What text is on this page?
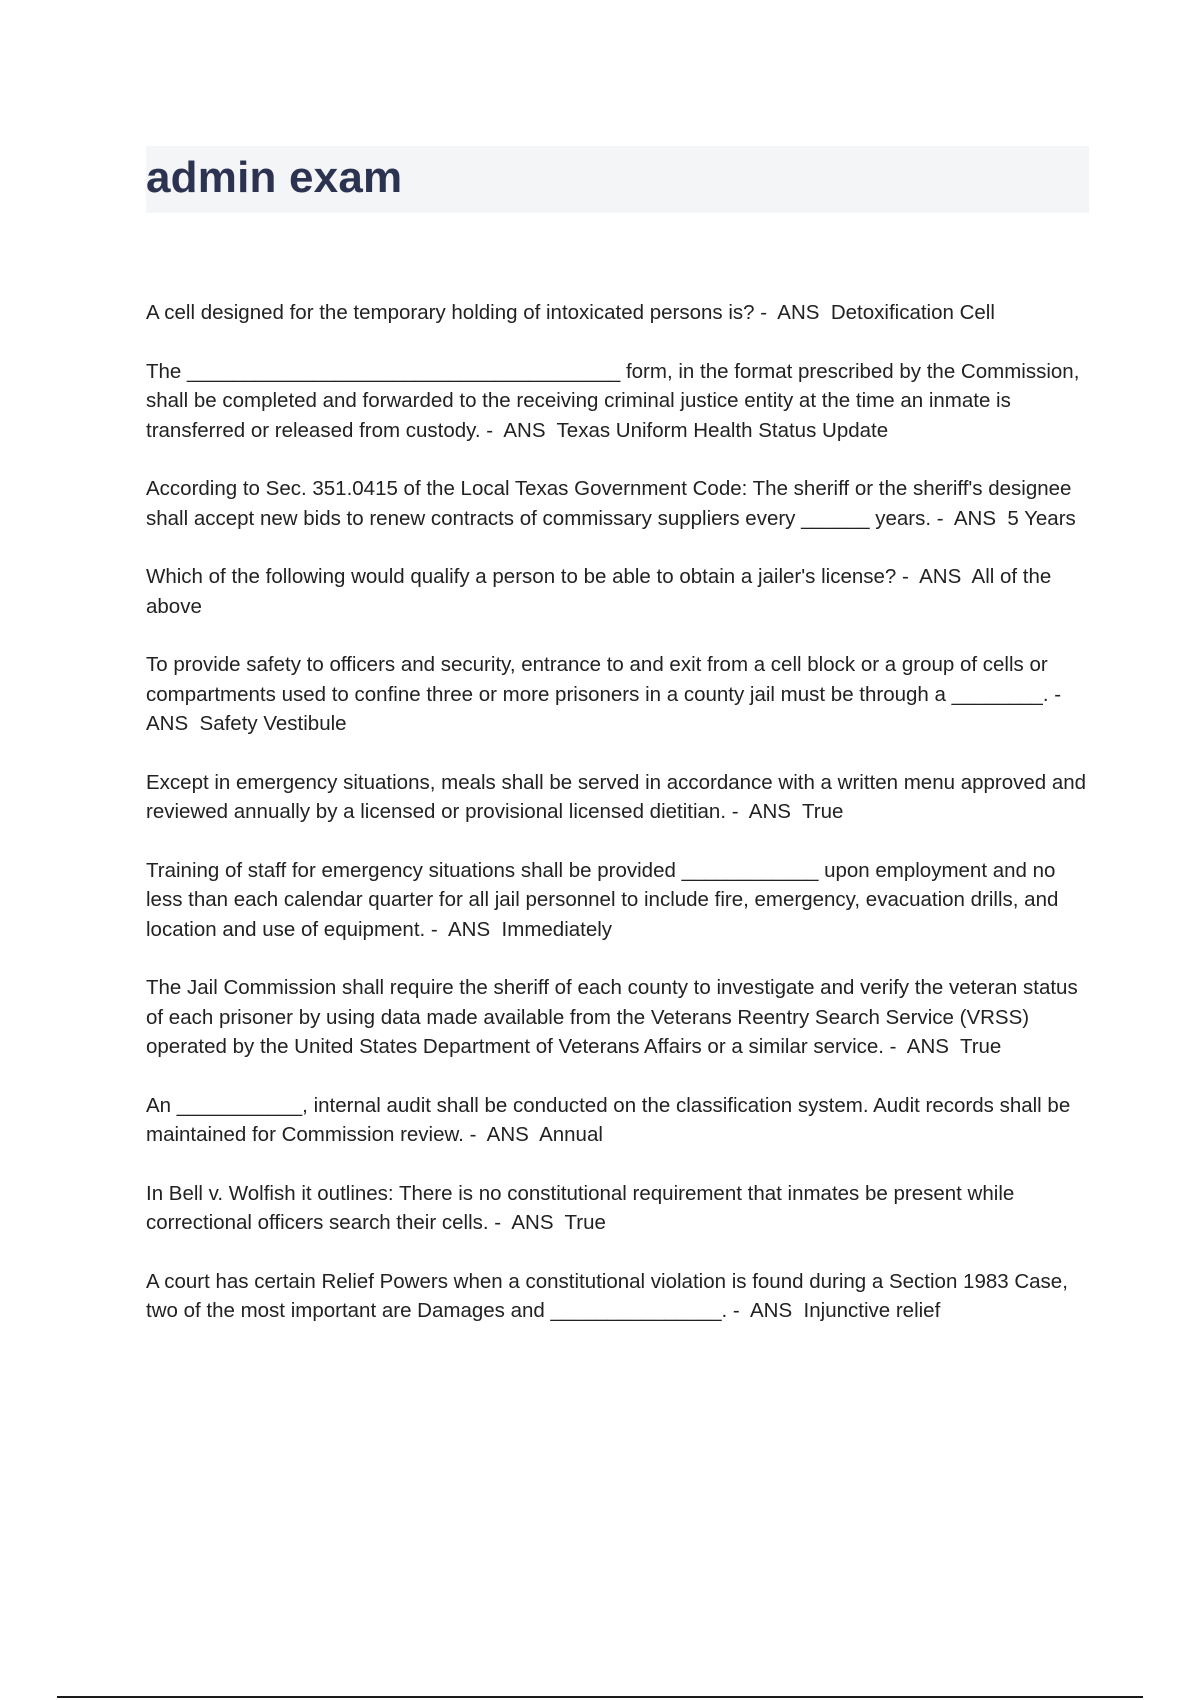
admin exam

A cell designed for the temporary holding of intoxicated persons is? -  ANS  Detoxification Cell

The ______________________________________ form, in the format prescribed by the Commission, shall be completed and forwarded to the receiving criminal justice entity at the time an inmate is transferred or released from custody. -  ANS  Texas Uniform Health Status Update

According to Sec. 351.0415 of the Local Texas Government Code: The sheriff or the sheriff's designee shall accept new bids to renew contracts of commissary suppliers every ______ years. -  ANS  5 Years

Which of the following would qualify a person to be able to obtain a jailer's license? -  ANS  All of the above

To provide safety to officers and security, entrance to and exit from a cell block or a group of cells or compartments used to confine three or more prisoners in a county jail must be through a ________. -  ANS  Safety Vestibule

Except in emergency situations, meals shall be served in accordance with a written menu approved and reviewed annually by a licensed or provisional licensed dietitian. -  ANS  True

Training of staff for emergency situations shall be provided ____________ upon employment and no less than each calendar quarter for all jail personnel to include fire, emergency, evacuation drills, and location and use of equipment. -  ANS  Immediately

The Jail Commission shall require the sheriff of each county to investigate and verify the veteran status of each prisoner by using data made available from the Veterans Reentry Search Service (VRSS) operated by the United States Department of Veterans Affairs or a similar service. -  ANS  True

An ___________, internal audit shall be conducted on the classification system. Audit records shall be maintained for Commission review. -  ANS  Annual

In Bell v. Wolfish it outlines: There is no constitutional requirement that inmates be present while correctional officers search their cells. -  ANS  True

A court has certain Relief Powers when a constitutional violation is found during a Section 1983 Case, two of the most important are Damages and _______________. -  ANS  Injunctive relief
